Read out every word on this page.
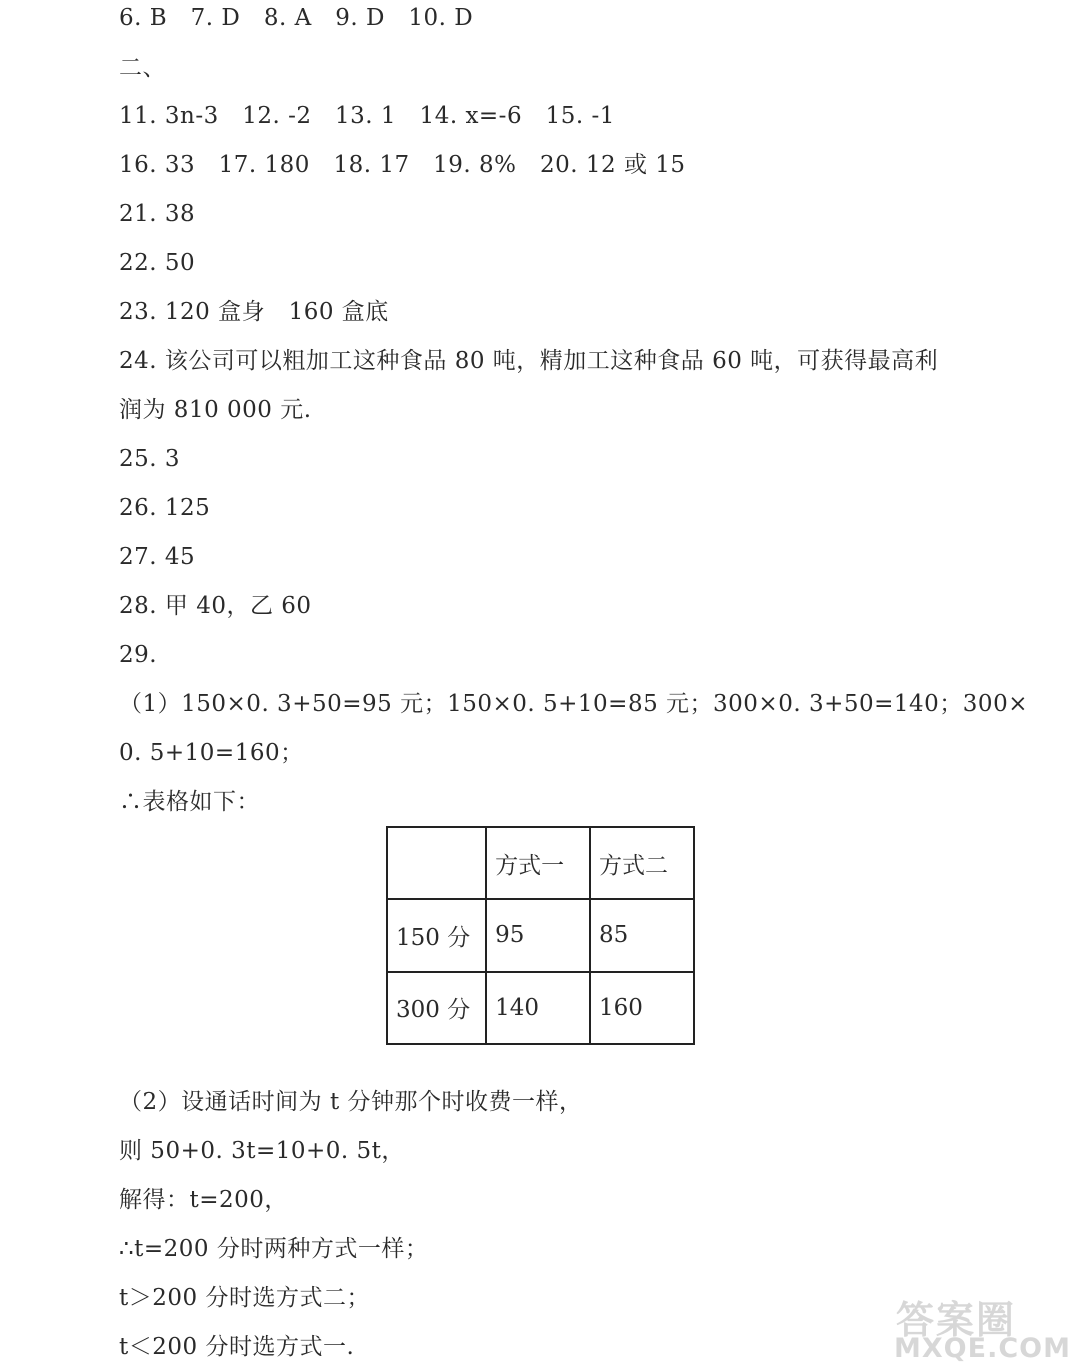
6. B　7. D　8. A　9. D　10. D
二、
11. 3n-3　12. -2　13. 1　14. x=-6　15. -1
16. 33　17. 180　18. 17　19. 8%　20. 12 或 15
21. 38
22. 50
23. 120 盒身　160 盒底
24. 该公司可以粗加工这种食品 80 吨，精加工这种食品 60 吨，可获得最高利
润为 810 000 元.
25. 3
26. 125
27. 45
28. 甲 40，乙 60
29.
（1）150×0. 3+50=95 元；150×0. 5+10=85 元；300×0. 3+50=140；300×
0. 5+10=160；
∴表格如下：
	方式一	方式二
150 分	95	85
300 分	140	160
（2）设通话时间为 t 分钟那个时收费一样，
则 50+0. 3t=10+0. 5t，
解得：t=200，
∴t=200 分时两种方式一样；
t＞200 分时选方式二；
t＜200 分时选方式一.
答案圈
MXQE.COM
